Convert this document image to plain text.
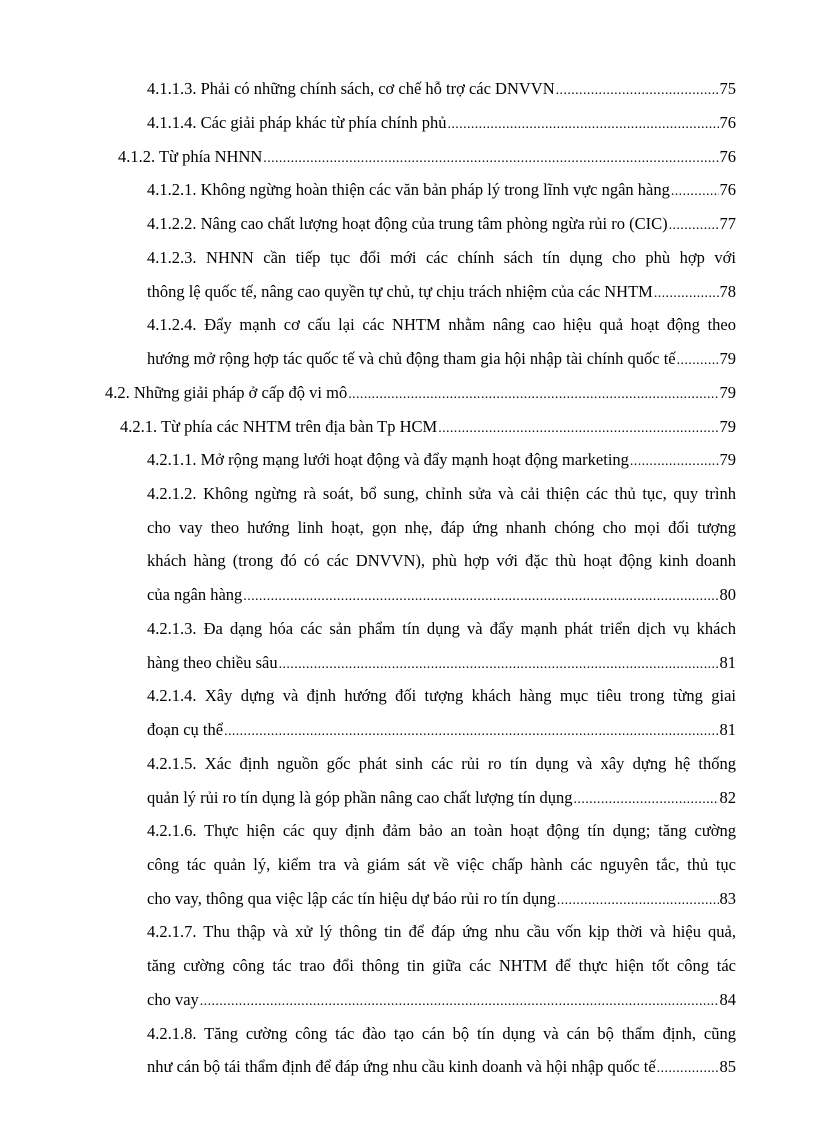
4.1.1.3. Phải có những chính sách, cơ chế hỗ trợ các DNVVN .....	75
4.1.1.4. Các giải pháp khác từ phía chính phủ .....	76
4.1.2. Từ phía NHNN .....	76
4.1.2.1. Không ngừng hoàn thiện các văn bản pháp lý trong lĩnh vực ngân hàng .....	76
4.1.2.2. Nâng cao chất lượng hoạt động của trung tâm phòng ngừa rủi ro (CIC) .....	77
4.1.2.3. NHNN cần tiếp tục đổi mới các chính sách tín dụng cho phù hợp với
thông lệ quốc tế, nâng cao quyền tự chủ, tự chịu trách nhiệm của các NHTM .....	78
4.1.2.4. Đẩy mạnh cơ cấu lại các NHTM nhằm nâng cao hiệu quả hoạt động theo
hướng mở rộng hợp tác quốc tế và chủ động tham gia hội nhập tài chính quốc tế .....	79
4.2. Những giải pháp ở cấp độ vi mô .....	79
4.2.1. Từ phía các NHTM trên địa bàn Tp HCM .....	79
4.2.1.1. Mở rộng mạng lưới hoạt động và đẩy mạnh hoạt động marketing .....	79
4.2.1.2. Không ngừng rà soát, bổ sung, chỉnh sửa và cải thiện các thủ tục, quy trình
cho vay theo hướng linh hoạt, gọn nhẹ, đáp ứng nhanh chóng cho mọi đối tượng
khách hàng (trong đó có các DNVVN), phù hợp với đặc thù hoạt động kinh doanh
của ngân hàng .....	80
4.2.1.3. Đa dạng hóa các sản phẩm tín dụng và đẩy mạnh phát triển dịch vụ khách
hàng theo chiều sâu .....	81
4.2.1.4. Xây dựng và định hướng đối tượng khách hàng mục tiêu trong từng giai
đoạn cụ thể .....	81
4.2.1.5. Xác định nguồn gốc phát sinh các rủi ro tín dụng và xây dựng hệ thống
quản lý rủi ro tín dụng là góp phần nâng cao chất lượng tín dụng .....	82
4.2.1.6. Thực hiện các quy định đảm bảo an toàn hoạt động tín dụng; tăng cường
công tác quản lý, kiểm tra và giám sát về việc chấp hành các nguyên tắc, thủ tục
cho vay, thông qua việc lập các tín hiệu dự báo rủi ro tín dụng .....	83
4.2.1.7. Thu thập và xử lý thông tin để đáp ứng nhu cầu vốn kịp thời và hiệu quả,
tăng cường công tác trao đổi thông tin giữa các NHTM để thực hiện tốt công tác
cho vay .....	84
4.2.1.8. Tăng cường công tác đào tạo cán bộ tín dụng và cán bộ thẩm định, cũng
như cán bộ tái thẩm định để đáp ứng nhu cầu kinh doanh và hội nhập quốc tế .....	85
